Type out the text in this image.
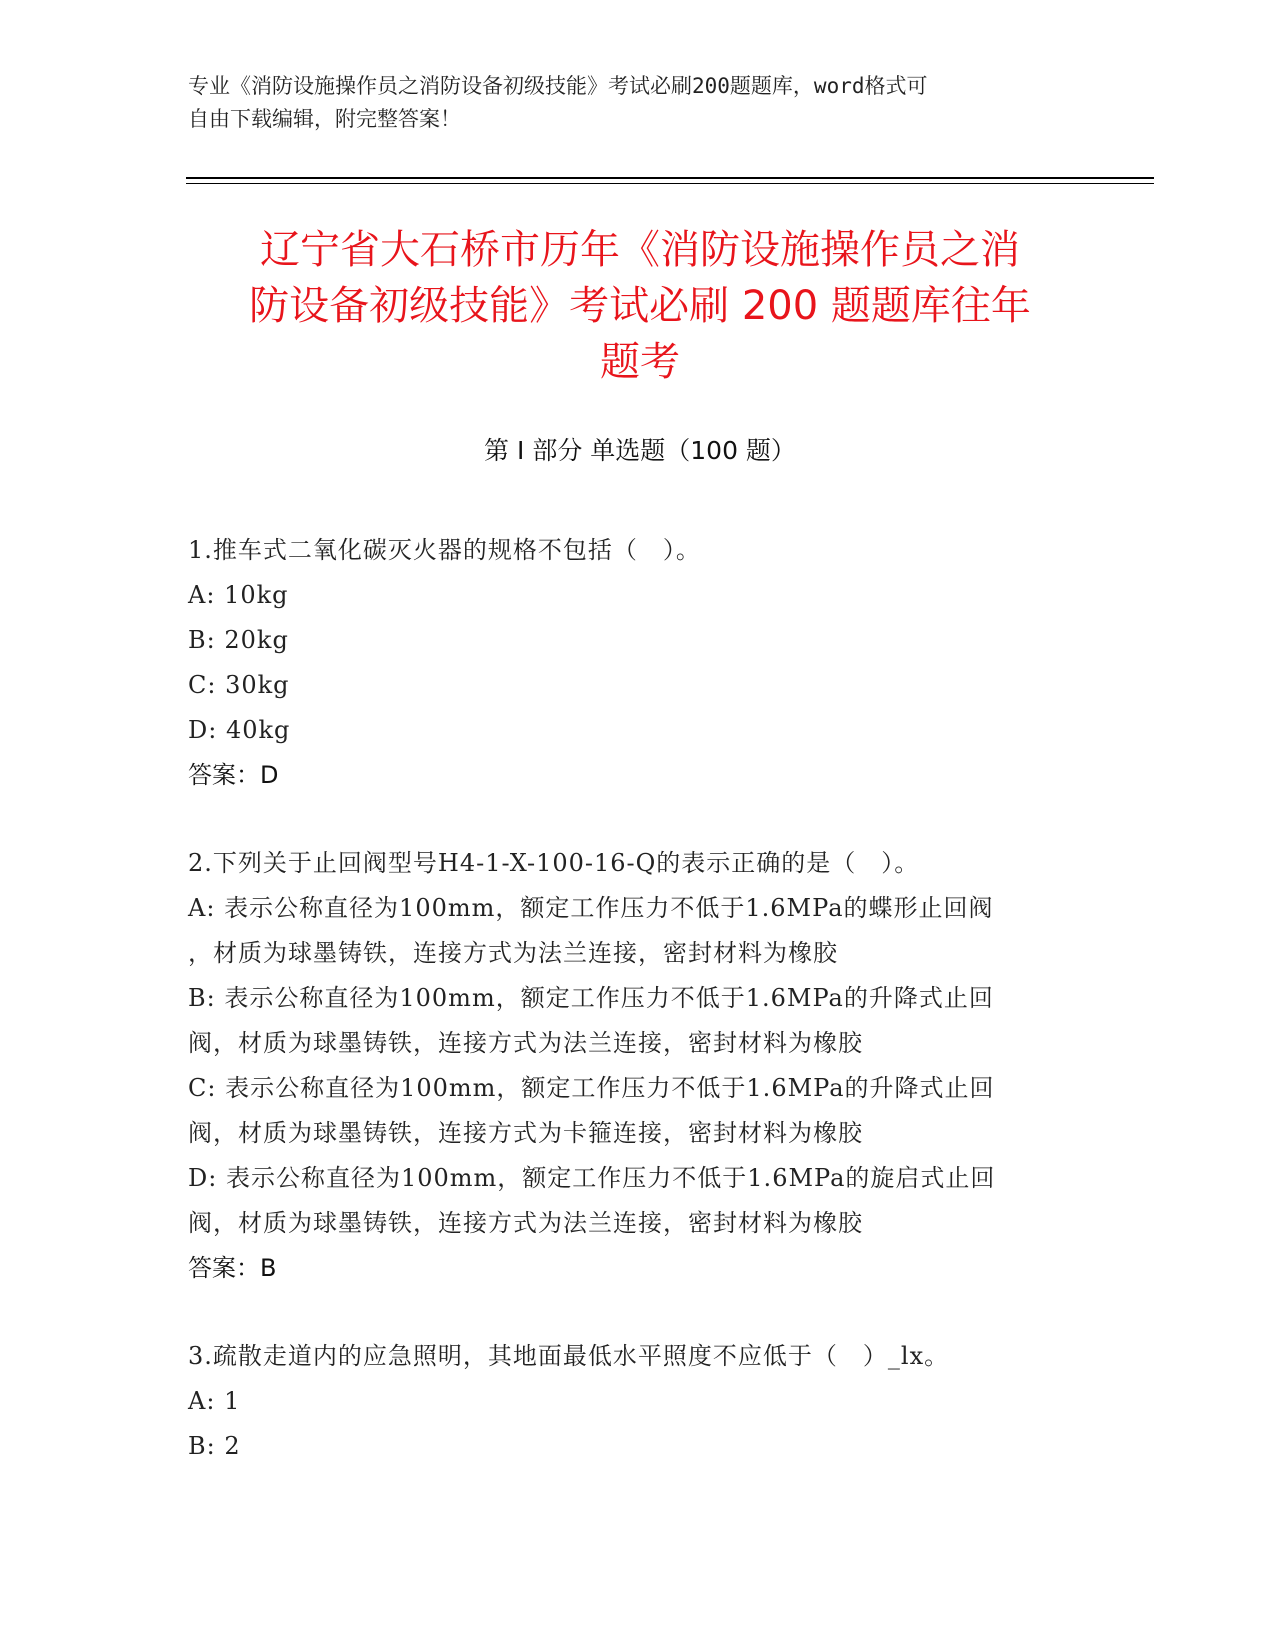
专业《消防设施操作员之消防设备初级技能》考试必刷200题题库，word格式可
自由下载编辑，附完整答案！
辽宁省大石桥市历年《消防设施操作员之消
防设备初级技能》考试必刷 200 题题库往年
题考
第 I 部分 单选题（100 题）
1.推车式二氧化碳灭火器的规格不包括（　）。
A: 10kg
B: 20kg
C: 30kg
D: 40kg
答案：D
2.下列关于止回阀型号H4-1-X-100-16-Q的表示正确的是（　）。
A: 表示公称直径为100mm，额定工作压力不低于1.6MPa的蝶形止回阀
，材质为球墨铸铁，连接方式为法兰连接，密封材料为橡胶
B: 表示公称直径为100mm，额定工作压力不低于1.6MPa的升降式止回
阀，材质为球墨铸铁，连接方式为法兰连接，密封材料为橡胶
C: 表示公称直径为100mm，额定工作压力不低于1.6MPa的升降式止回
阀，材质为球墨铸铁，连接方式为卡箍连接，密封材料为橡胶
D: 表示公称直径为100mm，额定工作压力不低于1.6MPa的旋启式止回
阀，材质为球墨铸铁，连接方式为法兰连接，密封材料为橡胶
答案：B
3.疏散走道内的应急照明，其地面最低水平照度不应低于（　）_lx。
A: 1
B: 2
